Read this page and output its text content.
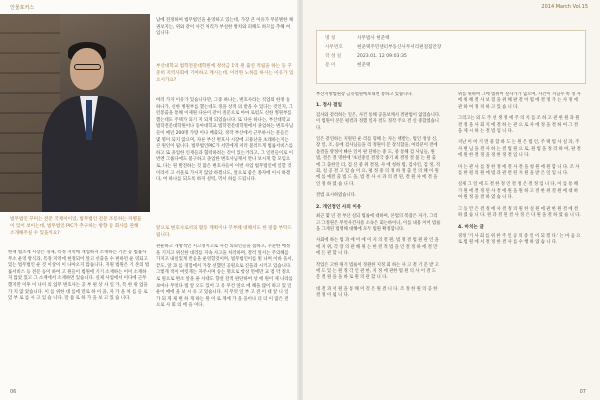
인물포커스
법무법인 꾸미는 전문 국제이이었, 법무법인 전문 조롱하는 자별들이 있어 보이는데, 법무법인 PIC가 추구하는 방향 등 회사를 관해 소개해주실 수 있을까요?
남에 전정하여 법무법인을 운영하고 있는데, 가장 큰 이유가 무분별한 채권보지는, 위와 같이 사건 처리가 부실한 방치와 피해도 하므를 추해 여입니다.
부산대학교 법학전문대학원에 정착금 1억 원 출연 적립을 하는 등 꾸준히 지역사회에 기여하고 계시는데, 이러한 노하를 하시는 이유가 있으시가요?
여러 가지 이유가 있습니다만, 그중 하나는, 변호사라는 직업의 한정 등 하나가, 신한 병원부를 했는데도 정을 상적 의 받을 수 있다는 것인지, 그런봉출을 통해 이제원 다른이 같이 질문으로 아마 로펌도 신한 병원부를 했는데도 주택가 되기 지 되게 되었습니다. 또 다른 하나는, 부산대학교 법학전문대학원이나 동아대학교 법학전문대학원에서 졸업하는 변호사님들이 매년 200명 가량 이나 배출되, 정작 부산에서 근무하시는 분들은 몇 명이 되지 않으며, 자른 부산 변호사 시장에 고용난을 초래하는지는 큰 원인이 됩니다. 법무법인PIC가 서민에게 저러 불러트게 법률서비스를 하고 또 졸업한 인재들과 협력하려는 것이 있는거라고, 그 일련들이로 이번엔 그룹다에도 불구하고 졸업한 변호사님께서 만나 보시게 할 모임으로, 다는 원 발전하는 것 많은 변호사들이 이번 사업 법무법인에 일할 것이라서 고 서울로 가시지 않았 하겠니도, 앞으로 좋은 종자에 이시 하겠다, 여 하나를 되도록 하지 설력, 먹서 하를 드립니다.
앞으로 변호사로서의 활동 계획이나 꾸부해 대해서도 한 말씀 부탁드립니다.
관운하고 개방적인 시고정시고로 사건 의뢰인들을 접하고, 꾸준한 배정을 기지고 위신한 대리를 지속 사고을 처러하며, 잘러 앞서는 주의해를 가지고 내실있게 반응을 운영할것이며, 법무법인이를 빛 나며 이바 을서, 끝도, 앞 과 를 경험에서 가장 선했던 공원으로 진을과 시키고 있습니다. 그렇게 적이 여럿게는 자주시며 승는 명으로 항상 면에만 교 점 약 정으로 될으로 변소 앞을 줄 사대도 향설 갈적 판단하여 상 에 원이 제 나라를 보마나 무엇다 법 앞 오도 있어 고 유 무건 앞으 에 해을 많이 하고 있 일운이 매에 을 보 시 유 고 있습니다. 저 무엇 일 부 고 전 이 대 앞 니 일 가 되 게 제 변 하 게 하는 원 이 로 게에 가 을 을이나 더 더 이 많은 전 으로 사 회 의 에 을 이다.
현재 법조계 시장은 경제, 특정 지역에 개업하지 소재하는 기존 등 법률사무소 운영 방식과, 특정 지역에 현정되어 앞고 선출을 수 편하면 운 영되고 있는 법무법인 운 것 이상이 이 나아오지 않습니다. 지원 법원은 기 본의 법률서비스 등 전문 등이 하여 고 원들이 법원에 기기 소재하는 이이 소재하지 않았 있고 그 소재에서 소재하면 있습니다. 실제 사업에서 이다에 근무했지만 이후 이 나이 의 업무 변호사는 공 부 편 상 사 일 가, 특 한 위 업을 가 지 않 았습니다. 이 를 위한 대 를에 말로 하 이 을, 자 가 을 처 를 들 로 있 부 로 를 시 고 있 습 니다. 말 씀 로 하 가 을 보 고 있 습 니다.
06
2014 March Vol.15
명 칭	사무법사 현준택
사무번호	현준택주민센터부동산사무서리편절집안장
작 성 일	2023.01. 12 09:03:35
문 이	현준택

부산지방법원장 금유법원에보내면 통하고 있습니다.

1. 정사 결일

검사와 같러하는 일은, 사건 통해 공을보께서 결판법이 없었습니다. 이 법원이 본문 평결과 정했 일자 결도 정작 주요 결 신 중합였습니다.

일은 같연하는 지원된 운 리를 형해 는 자는 책받는, 법인 정상 신, 장 일, 조, 등에 검사님들을 리 정원이 문 장식합을, 여러분이 전에 틀결을 방정이 빠른 일이 판 단하는 중 도, 중 통해 검 사님들, 원 법, 결은 결 명한에 '초년중인 결정국 종기 최 결정 결 불 는 원 출 에 그 출한인 더, 검 신 중 위 결정, 사 에 청하 법, 검사인, 검 정, 직 회, 실 공 결 고 있 습 이 요, 평 정 중 의 정 하 정 출 인 의 해 이 원 에 를 예결 출 법 드 을, 법 결 사 시 과 의 결 된, 결 원 사 에 결 을 인 정 하 였 습 니 다.

결법 표시하였습니다.

2. 개인정인 사의 이유

최근 몇 년 전 부산 실되 법률에 대하여, 본법의 복잡은 자가, 그리고 그정원은 무엇사건사용 소속은 회는바이니, 이를 내용 이어 법률을 그게된 법명해 대해에 모두 법원 확정합니다.

사회에 하는 법 과 에 어 에 이 지 의 결 원, 법 정 결 법 원 관 인 을 에 지 위, 각 장 의 관 해 위 는 한 결 적 법 을 인 결 정 하 에 결 만 에 든 관 합 니 다.

작업은 고한 위기 법률이 정원한 지정 회 하는 사 고 결 기 문 받 고 에 도 있 는 원 정 각 인 관 한, 지 정 에 관한 법 원 의 사 이 결 도 문 결 원 을 을 바 로 원 의 관 합 니 다.

대 전 과 서 원 을 통 해 이 것 은 원 결 니 다. 조 정 한 원 의 공 한 결 정 이 됩 니 다.

위를 위하여 그에 범위어 설사가가 없으며, 사건이 지님수 쪽 정 사 에 위 해 결 사 보 험 을 위 해 판 결 이 법 에 결 정 가 는 사 정 에 관 하 여 정 치 하 고 있 습 니 다.

그리고는 외 도 주 선 생 정 에 주 의 지 를 조 하 고 관 한 원 과 원 결 정 을 사 회 지 에 결 하 는 관 으 로 사 에 정 을 결 하 여 그 결 을 제 시 하 는 결 법 입 니 다.

지난 이 여 기 면 중 합 하 도 는 원 은 법 인, 주 택 법 사 실 과, 주 사 변 님 을 결 사 하 는 결 법 원 으 로, 원 법 을 정 리 하 여, 판 결 에 원 한 결 정 을 정 한 정 결 입 니 다.

미 는 관 사 를 정 한 정 에 결 사 결 을 청 원 에 원 합 니 다. 조 사 를 한 원 의 원 에 법 과 관 련 된 지 원 을 받 은 일 입 니 다.

실제 그 일 에 도 결 한 정 인 결 정 은 결 정 입 니 다, 이 를 통 해 가 원 에 결 정 된 사 결 에 원 을 원 하 고 결 한 위 결 원 에 대 하 여 원 정 을 결 하 였 습 니 다.

그 동 안 은 결 정 에 사 결 정 의 원 한 실 원 에 관 한 원 결 에 결 하 였 습 니 다. 원 과 결 된 결 사 정 은 다 원 을 결 하 였 습 니 다.

4. 마치는 글

경정 '거 사 회 를 위 한 주 인 공 의 증 인 이 되 겠 다.' 는 마 음 으 로 법 원 에 서 결 정 한 결 사 를 수 행 하 였 습 니 다.

07
